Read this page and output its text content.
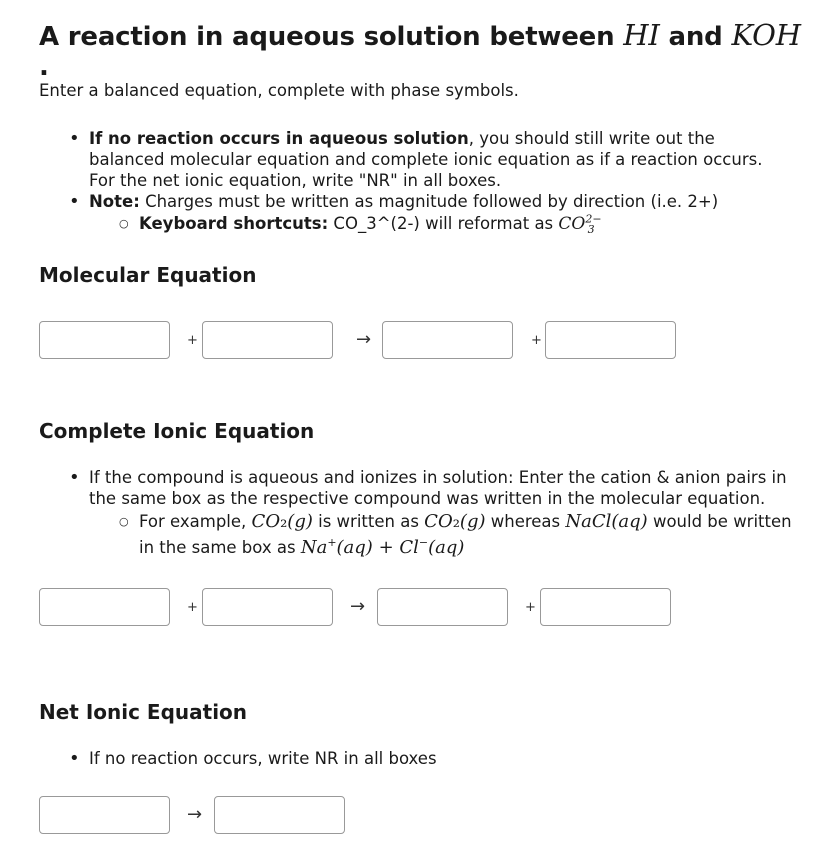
A reaction in aqueous solution between HI and KOH .
Enter a balanced equation, complete with phase symbols.
• If no reaction occurs in aqueous solution, you should still write out the balanced molecular equation and complete ionic equation as if a reaction occurs. For the net ionic equation, write "NR" in all boxes.
• Note: Charges must be written as magnitude followed by direction (i.e. 2+)
○ Keyboard shortcuts: CO_3^(2-) will reformat as $CO^{2-}_3$
Molecular Equation
+	→	+
Complete Ionic Equation
• If the compound is aqueous and ionizes in solution: Enter the cation & anion pairs in the same box as the respective compound was written in the molecular equation.
○ For example, CO₂(g) is written as CO₂(g) whereas NaCl(aq) would be written in the same box as Na+(aq) + Cl−(aq)
+	→	+
Net Ionic Equation
• If no reaction occurs, write NR in all boxes
→
